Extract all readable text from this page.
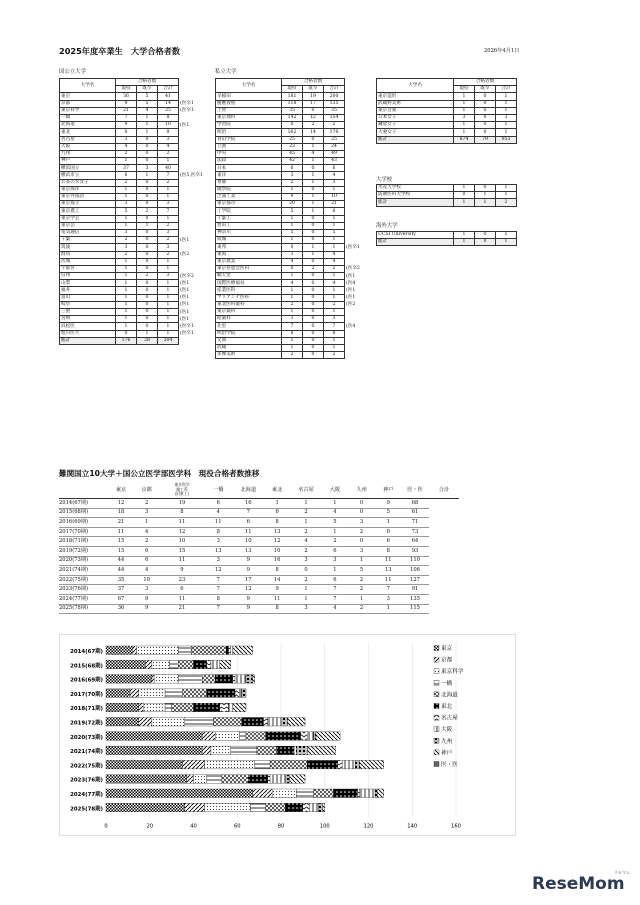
2025年度卒業生　大学合格者数	2026年4月1日
国公立大学
大学名	合格者数		
	現役	既卒	合計
東京	36	5	41
京都	9	5	14
東京科学	21	4	25
一橋	7	1	8
北海道	9	1	10
東北	8	1	9
名古屋	3	0	3
大阪	4	0	4
九州	2	0	2
神戸	1	0	1
横浜国立	37	3	40
横浜市立	6	1	7
お茶の水女子	2	0	2
東京海洋	1	0	1
東京外国語	1	0	1
東京都立	3	0	3
東京農工	5	2	7
東京学芸	1	0	1
東京芸	1	1	2
電気通信	3	0	3
千葉	2	0	2
筑波	3	0	3
群馬	2	0	2
茨城	1	0	1
宇都宮	1	0	1
信州	1	2	3
山梨	1	0	1
福井	1	0	1
富山	1	0	1
岐阜	1	0	1
三重	1	0	1
宮崎	1	0	1
浜松医	1	0	1
旭川医大	0	1	1
総計	176	28	204
(医卒1
(医卒1
(医1
(医5,医卒1
(医1
(医2
(医卒2
(医1
(医1
(医1
(医1
(医1
(医1
(医卒1
(医卒1
私立大学
大学名	合格者数		
	現役	既卒	合計
早稲田	181	19	200
慶應義塾	118	17	135
上智	35	0	35
東京理科	142	12	154
学習院	0	2	2
明治	162	14	176
青山学院	25	0	25
立教	23	1	24
中央	45	4	49
法政	42	1	43
日本	6	0	6
東洋	3	1	4
専修	2	1	3
國學院	1	0	1
芝浦工業	9	1	10
東京都市	20	1	21
工学院	5	1	6
千葉工	1	0	1
豊田工	1	0	1
神奈川	5	0	5
成城	1	0	1
東邦	0	1	1
東海	3	1	4
東京農業	4	0	4
東京慈恵会医科	0	2	2
順天堂	1	0	1
国際医療福祉	4	0	4
産業医科	1	0	1
マリアンナ医科	1	0	1
東北医科薬科	2	0	2
東京薬科	1	0	1
昭薬科	3	0	3
北里	7	0	7
明治学院	8	0	8
文教	1	0	1
武蔵	1	0	1
多摩美術	2	0	2
(医卒1
(医卒2
(医1
(医4
(医1
(医1
(医2
(医4
大学名	合格者数		
	現役	既卒	合計
東京造形	1	0	1
武蔵野美術	1	0	1
東京音楽	1	0	1
日本女子	3	0	3
鎌倉女子	1	0	1
大妻女子	1	0	1
総計	874	79	953
大学校
水産大学校	1	0	1
防衛医科大学校	0	1	1
総計	1	1	2
海外大学
UCSI University	1	0	1
総計	1	0	1
難関国立10大学＋国公立医学部医学科　現役合格者数推移
	東京	京都	東京科学
理工系
(旧東工)	一橋	北海道	東北	名古屋	大阪	九州	神戸	医・医	合計
2014(67期)	12	2	19	6	16	1	1	1	0	9	68	
2015(68期)	18	3	8	4	7	6	2	4	0	5	61	
2016(69期)	21	1	11	11	6	8	1	5	3	1	71	
2017(70期)	11	4	12	8	11	13	2	1	2	0	73	
2018(71期)	15	2	10	3	10	12	4	2	0	6	64	
2019(72期)	15	6	15	13	13	10	2	6	3	8	93	
2020(73期)	44	6	11	3	9	16	3	3	1	11	110	
2021(74期)	44	4	9	12	9	8	0	1	5	13	106	
2022(75期)	35	10	23	7	17	14	2	6	2	11	127	
2023(76期)	37	3	6	7	12	9	1	7	2	7	91	
2024(77期)	67	9	11	8	9	11	1	7	1	3	135	
2025(78期)	36	9	21	7	9	8	3	4	2	1	115	
0	20	40	60	80	100	120	140	160
2014(67期)
2015(68期)
2016(69期)
2017(70期)
2018(71期)
2019(72期)
2020(73期)
2021(74期)
2022(75期)
2023(76期)
2024(77期)
2025(78期)
東京
京都
東京科学
一橋
北海道
東北
名古屋
大阪
九州
神戸
医・医
ReseMom
リセマム
